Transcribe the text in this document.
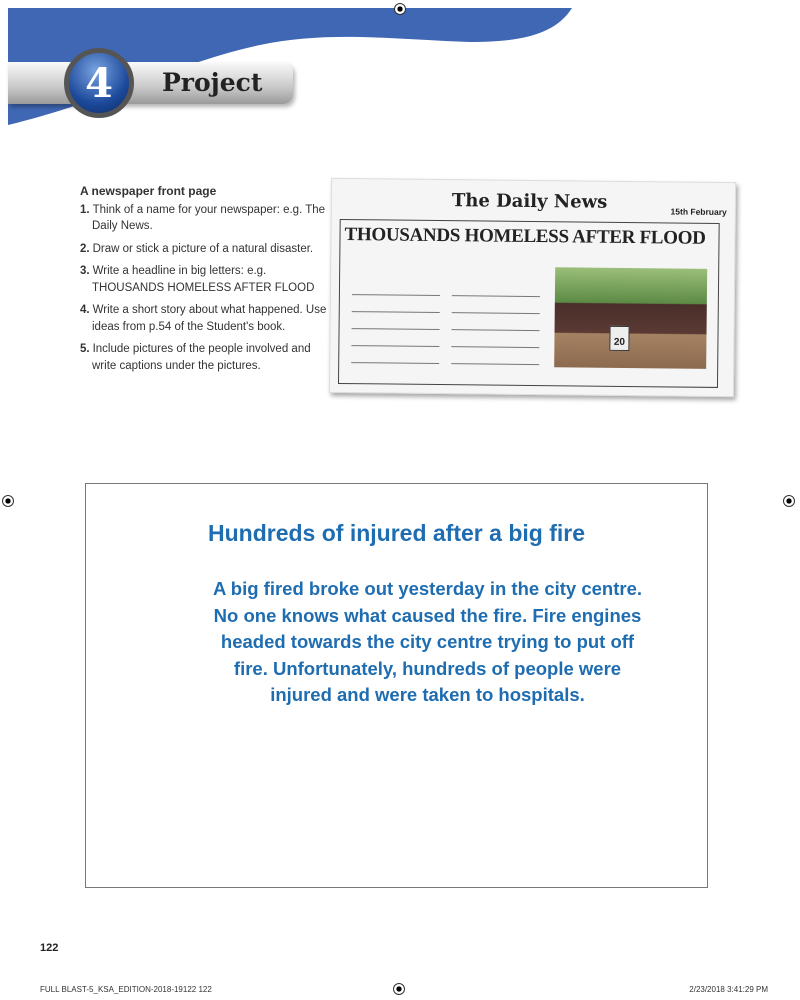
4	Project
A newspaper front page
1. Think of a name for your newspaper: e.g. The Daily News.
2. Draw or stick a picture of a natural disaster.
3. Write a headline in big letters: e.g. THOUSANDS HOMELESS AFTER FLOOD
4. Write a short story about what happened. Use ideas from p.54 of the Student's book.
5. Include pictures of the people involved and write captions under the pictures.
The Daily News	15th February
THOUSANDS HOMELESS AFTER FLOOD
20
Hundreds of injured after a big fire
A big fired broke out yesterday in the city centre. No one knows what caused the fire. Fire engines headed towards the city centre trying to put off fire. Unfortunately, hundreds of people were injured and were taken to hospitals.
122
FULL BLAST-5_KSA_EDITION-2018-19122 122	2/23/2018 3:41:29 PM
